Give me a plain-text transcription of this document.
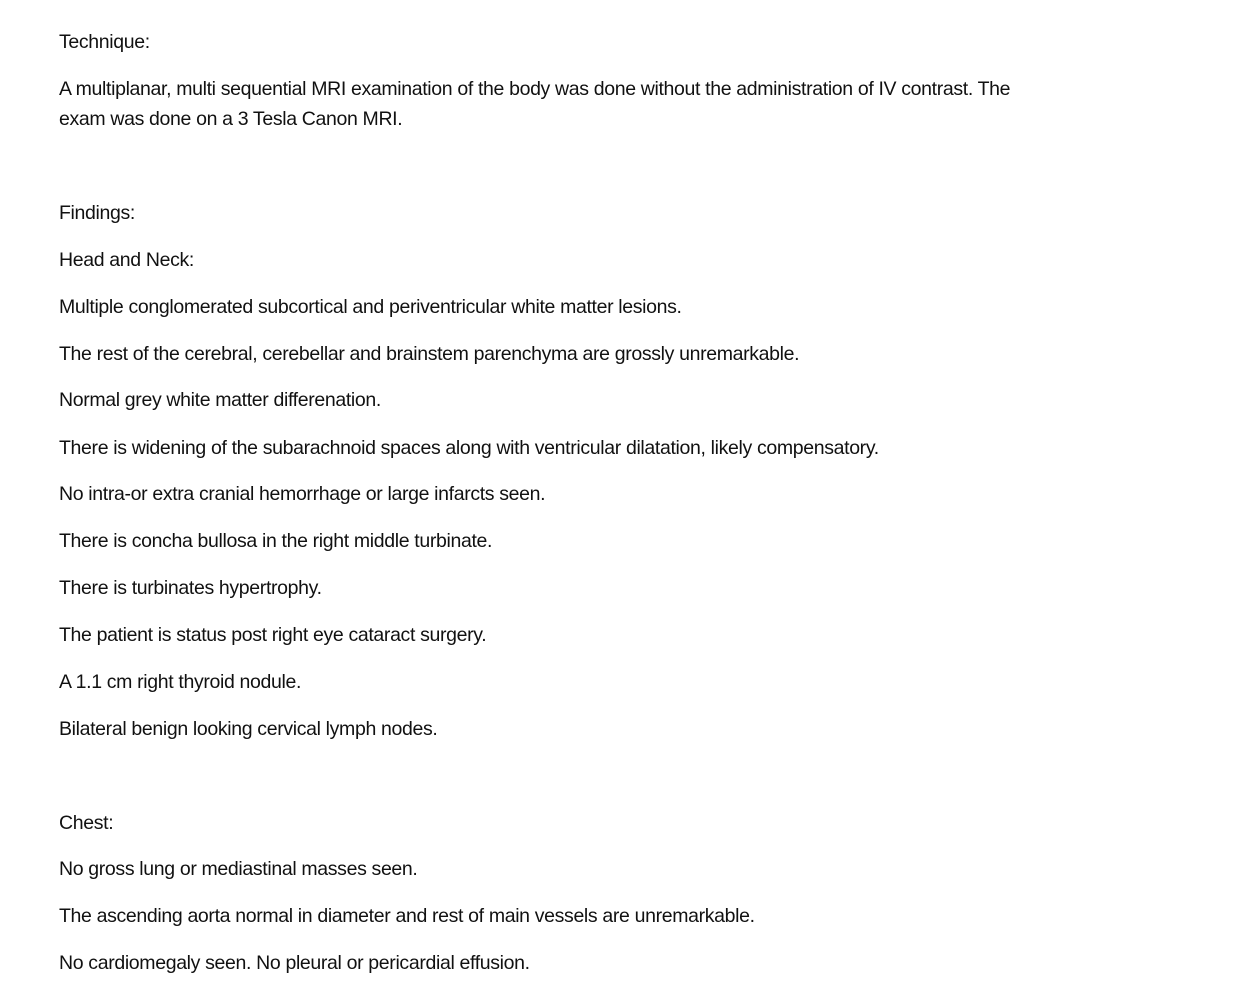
Technique:

A multiplanar, multi sequential MRI examination of the body was done without the administration of IV contrast. The

exam was done on a 3 Tesla Canon MRI.

Findings:

Head and Neck:

Multiple conglomerated subcortical and periventricular white matter lesions.

The rest of the cerebral, cerebellar and brainstem parenchyma are grossly unremarkable.

Normal grey white matter differenation.

There is widening of the subarachnoid spaces along with ventricular dilatation, likely compensatory.

No intra-or extra cranial hemorrhage or large infarcts seen.

There is concha bullosa in the right middle turbinate.

There is turbinates hypertrophy.

The patient is status post right eye cataract surgery.

A 1.1 cm right thyroid nodule.

Bilateral benign looking cervical lymph nodes.

Chest:

No gross lung or mediastinal masses seen.

The ascending aorta normal in diameter and rest of main vessels are unremarkable.

No cardiomegaly seen. No pleural or pericardial effusion.
